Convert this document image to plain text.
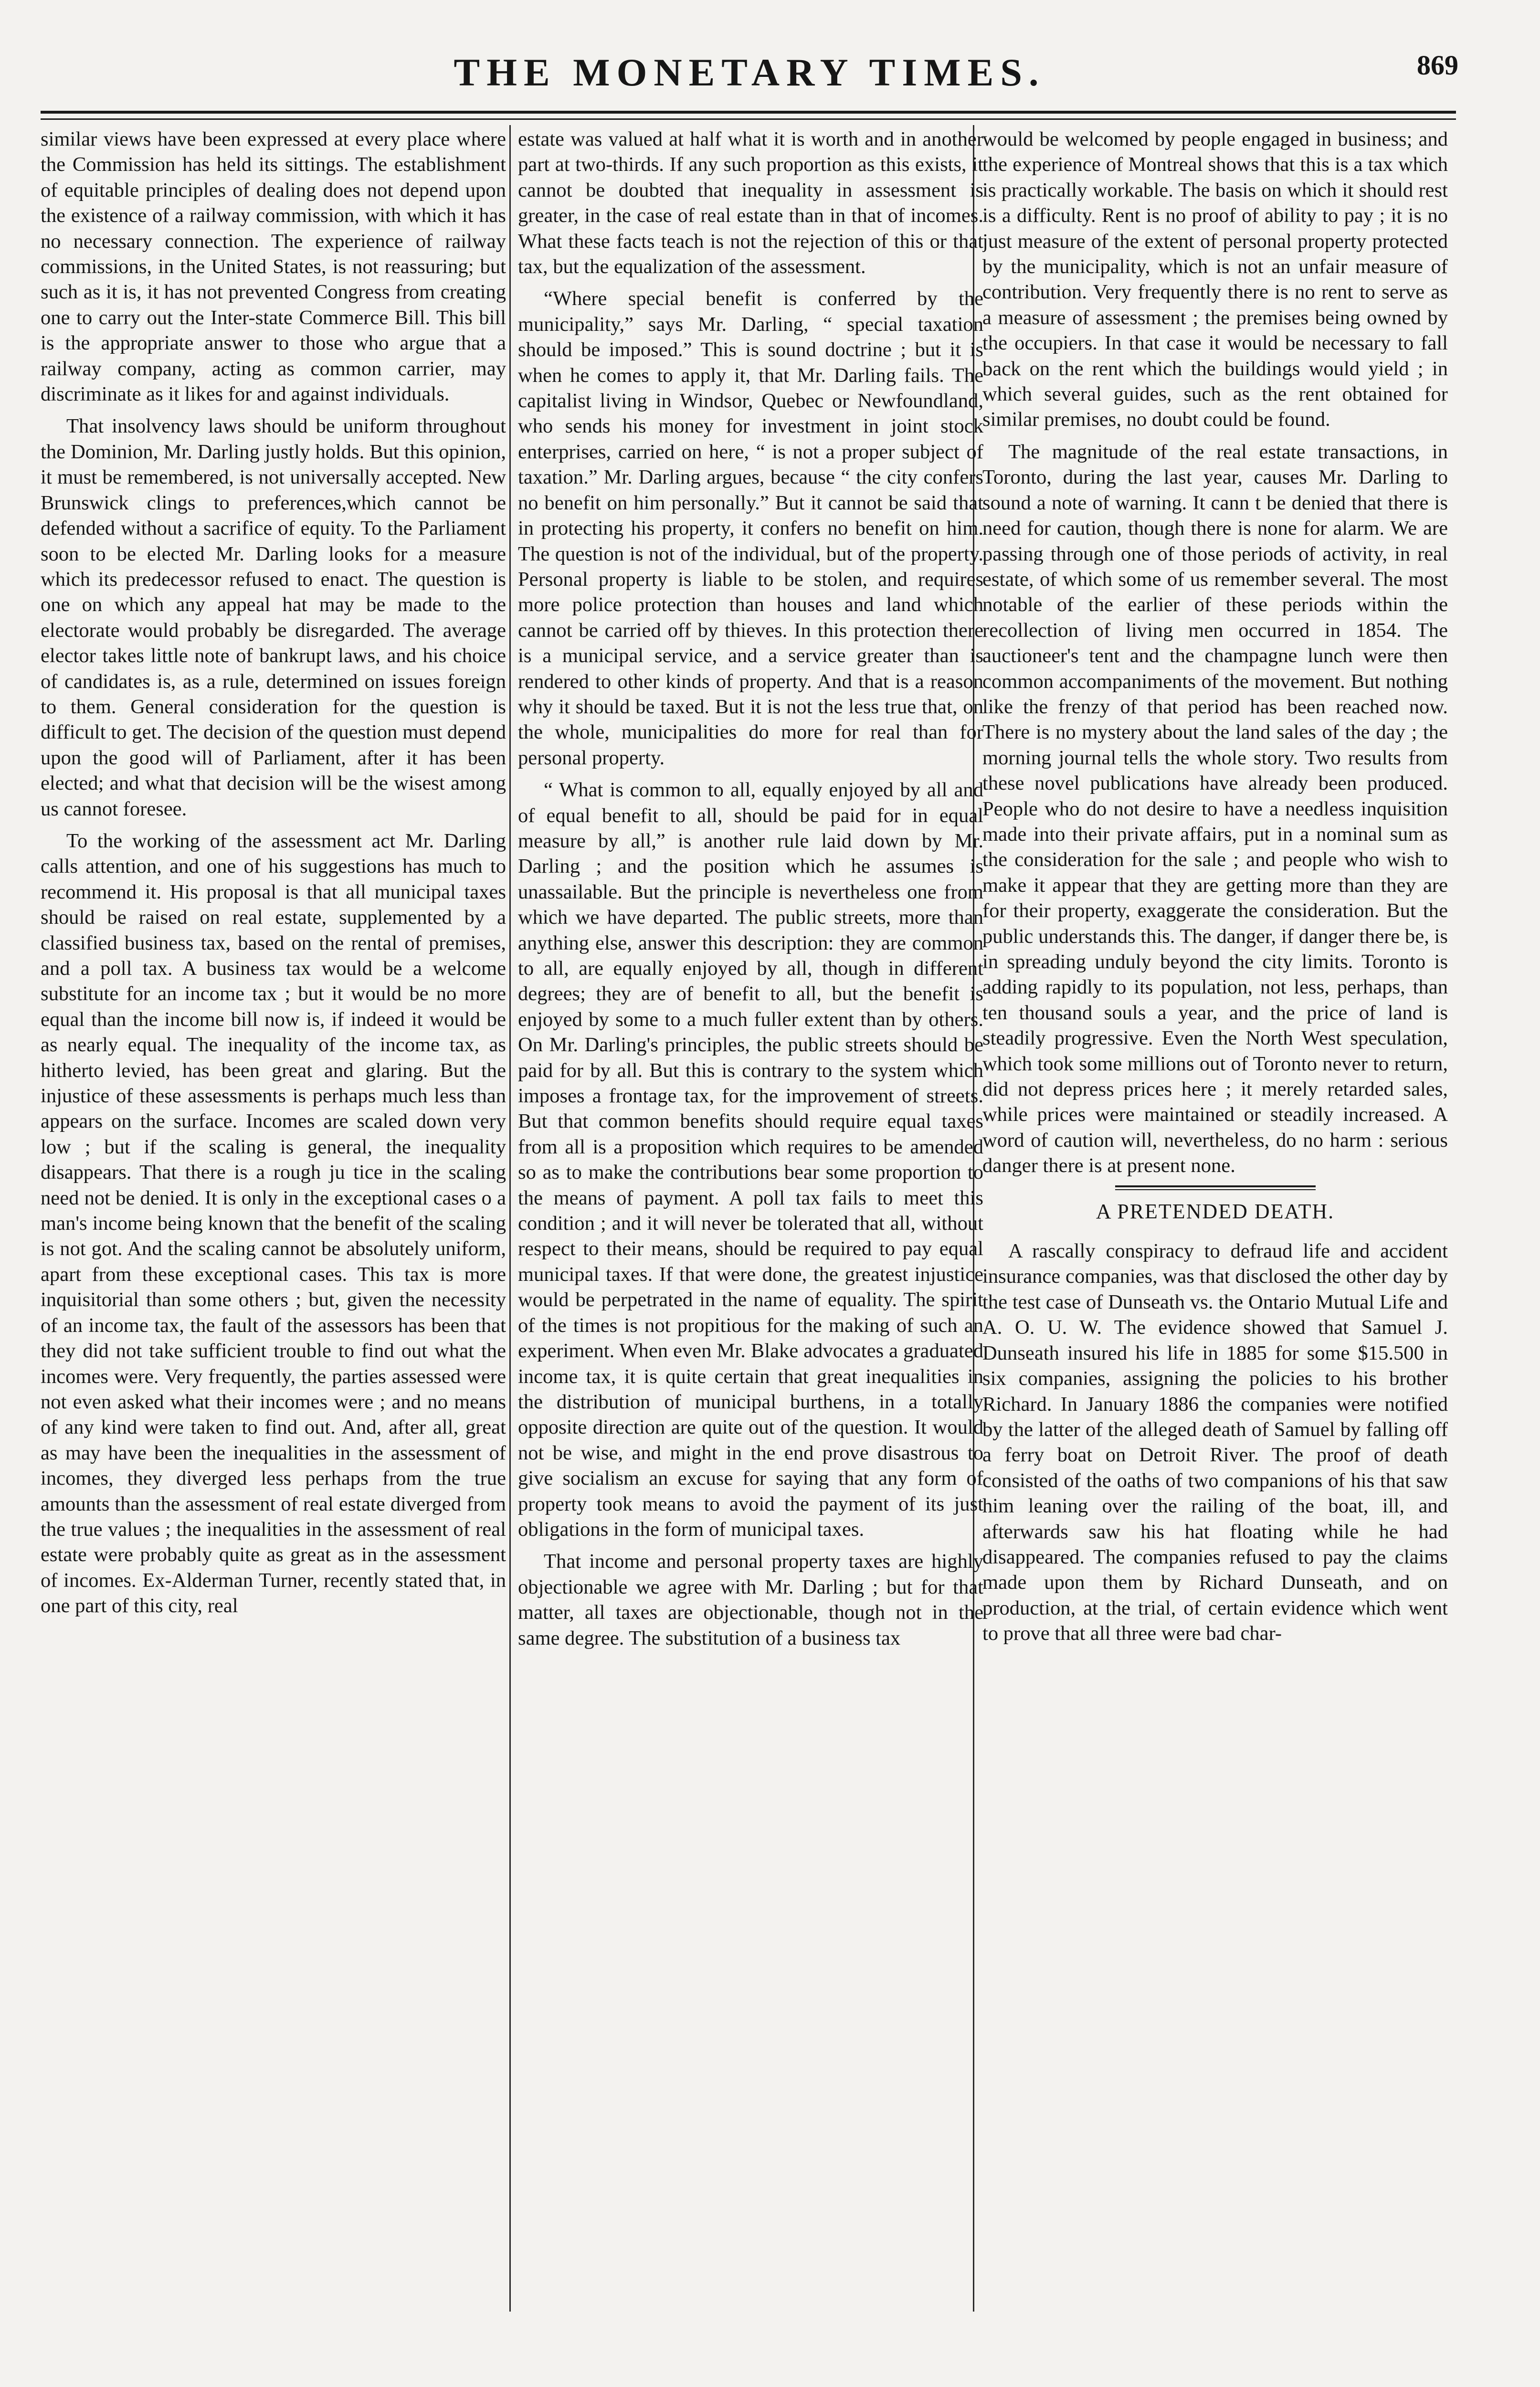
THE MONETARY TIMES.	869

similar views have been expressed at every place where the Commission has held its sittings. The establishment of equitable principles of dealing does not depend upon the existence of a railway commission, with which it has no necessary connection. The experience of railway commissions, in the United States, is not reassuring; but such as it is, it has not prevented Congress from creating one to carry out the Inter-state Commerce Bill. This bill is the appropriate answer to those who argue that a railway company, acting as common carrier, may discriminate as it likes for and against individuals.

That insolvency laws should be uniform throughout the Dominion, Mr. Darling justly holds. But this opinion, it must be remembered, is not universally accepted. New Brunswick clings to preferences,which cannot be defended without a sacrifice of equity. To the Parliament soon to be elected Mr. Darling looks for a measure which its predecessor refused to enact. The question is one on which any appeal hat may be made to the electorate would probably be disregarded. The average elector takes little note of bankrupt laws, and his choice of candidates is, as a rule, determined on issues foreign to them. General consideration for the question is difficult to get. The decision of the question must depend upon the good will of Parliament, after it has been elected; and what that decision will be the wisest among us cannot foresee.

To the working of the assessment act Mr. Darling calls attention, and one of his suggestions has much to recommend it. His proposal is that all municipal taxes should be raised on real estate, supplemented by a classified business tax, based on the rental of premises, and a poll tax. A business tax would be a welcome substitute for an income tax ; but it would be no more equal than the income bill now is, if indeed it would be as nearly equal. The inequality of the income tax, as hitherto levied, has been great and glaring. But the injustice of these assessments is perhaps much less than appears on the surface. Incomes are scaled down very low ; but if the scaling is general, the inequality disappears. That there is a rough ju tice in the scaling need not be denied. It is only in the exceptional cases o a man's income being known that the benefit of the scaling is not got. And the scaling cannot be absolutely uniform, apart from these exceptional cases. This tax is more inquisitorial than some others ; but, given the necessity of an income tax, the fault of the assessors has been that they did not take sufficient trouble to find out what the incomes were. Very frequently, the parties assessed were not even asked what their incomes were ; and no means of any kind were taken to find out. And, after all, great as may have been the inequalities in the assessment of incomes, they diverged less perhaps from the true amounts than the assessment of real estate diverged from the true values ; the inequalities in the assessment of real estate were probably quite as great as in the assessment of incomes. Ex-Alderman Turner, recently stated that, in one part of this city, real

estate was valued at half what it is worth and in another part at two-thirds. If any such proportion as this exists, it cannot be doubted that inequality in assessment is greater, in the case of real estate than in that of incomes. What these facts teach is not the rejection of this or that tax, but the equalization of the assessment.

“Where special benefit is conferred by the municipality,” says Mr. Darling, “ special taxation should be imposed.” This is sound doctrine ; but it is when he comes to apply it, that Mr. Darling fails. The capitalist living in Windsor, Quebec or Newfoundland, who sends his money for investment in joint stock enterprises, carried on here, “ is not a proper subject of taxation.” Mr. Darling argues, because “ the city confers no benefit on him personally.” But it cannot be said that in protecting his property, it confers no benefit on him. The question is not of the individual, but of the property. Personal property is liable to be stolen, and requires more police protection than houses and land which cannot be carried off by thieves. In this protection there is a municipal service, and a service greater than is rendered to other kinds of property. And that is a reason why it should be taxed. But it is not the less true that, on the whole, municipalities do more for real than for personal property.

“ What is common to all, equally enjoyed by all and of equal benefit to all, should be paid for in equal measure by all,” is another rule laid down by Mr. Darling ; and the position which he assumes is unassailable. But the principle is nevertheless one from which we have departed. The public streets, more than anything else, answer this description: they are common to all, are equally enjoyed by all, though in different degrees; they are of benefit to all, but the benefit is enjoyed by some to a much fuller extent than by others. On Mr. Darling's principles, the public streets should be paid for by all. But this is contrary to the system which imposes a frontage tax, for the improvement of streets. But that common benefits should require equal taxes from all is a proposition which requires to be amended so as to make the contributions bear some proportion to the means of payment. A poll tax fails to meet this condition ; and it will never be tolerated that all, without respect to their means, should be required to pay equal municipal taxes. If that were done, the greatest injustice would be perpetrated in the name of equality. The spirit of the times is not propitious for the making of such an experiment. When even Mr. Blake advocates a graduated income tax, it is quite certain that great inequalities in the distribution of municipal burthens, in a totally opposite direction are quite out of the question. It would not be wise, and might in the end prove disastrous to give socialism an excuse for saying that any form of property took means to avoid the payment of its just obligations in the form of municipal taxes.

That income and personal property taxes are highly objectionable we agree with Mr. Darling ; but for that matter, all taxes are objectionable, though not in the same degree. The substitution of a business tax

would be welcomed by people engaged in business; and the experience of Montreal shows that this is a tax which is practically workable. The basis on which it should rest is a difficulty. Rent is no proof of ability to pay ; it is no just measure of the extent of personal property protected by the municipality, which is not an unfair measure of contribution. Very frequently there is no rent to serve as a measure of assessment ; the premises being owned by the occupiers. In that case it would be necessary to fall back on the rent which the buildings would yield ; in which several guides, such as the rent obtained for similar premises, no doubt could be found.

The magnitude of the real estate transactions, in Toronto, during the last year, causes Mr. Darling to sound a note of warning. It cann t be denied that there is need for caution, though there is none for alarm. We are passing through one of those periods of activity, in real estate, of which some of us remember several. The most notable of the earlier of these periods within the recollection of living men occurred in 1854. The auctioneer's tent and the champagne lunch were then common accompaniments of the movement. But nothing like the frenzy of that period has been reached now. There is no mystery about the land sales of the day ; the morning journal tells the whole story. Two results from these novel publications have already been produced. People who do not desire to have a needless inquisition made into their private affairs, put in a nominal sum as the consideration for the sale ; and people who wish to make it appear that they are getting more than they are for their property, exaggerate the consideration. But the public understands this. The danger, if danger there be, is in spreading unduly beyond the city limits. Toronto is adding rapidly to its population, not less, perhaps, than ten thousand souls a year, and the price of land is steadily progressive. Even the North West speculation, which took some millions out of Toronto never to return, did not depress prices here ; it merely retarded sales, while prices were maintained or steadily increased. A word of caution will, nevertheless, do no harm : serious danger there is at present none.

A PRETENDED DEATH.

A rascally conspiracy to defraud life and accident insurance companies, was that disclosed the other day by the test case of Dunseath vs. the Ontario Mutual Life and A. O. U. W. The evidence showed that Samuel J. Dunseath insured his life in 1885 for some $15.500 in six companies, assigning the policies to his brother Richard. In January 1886 the companies were notified by the latter of the alleged death of Samuel by falling off a ferry boat on Detroit River. The proof of death consisted of the oaths of two companions of his that saw him leaning over the railing of the boat, ill, and afterwards saw his hat floating while he had disappeared. The companies refused to pay the claims made upon them by Richard Dunseath, and on production, at the trial, of certain evidence which went to prove that all three were bad char-
